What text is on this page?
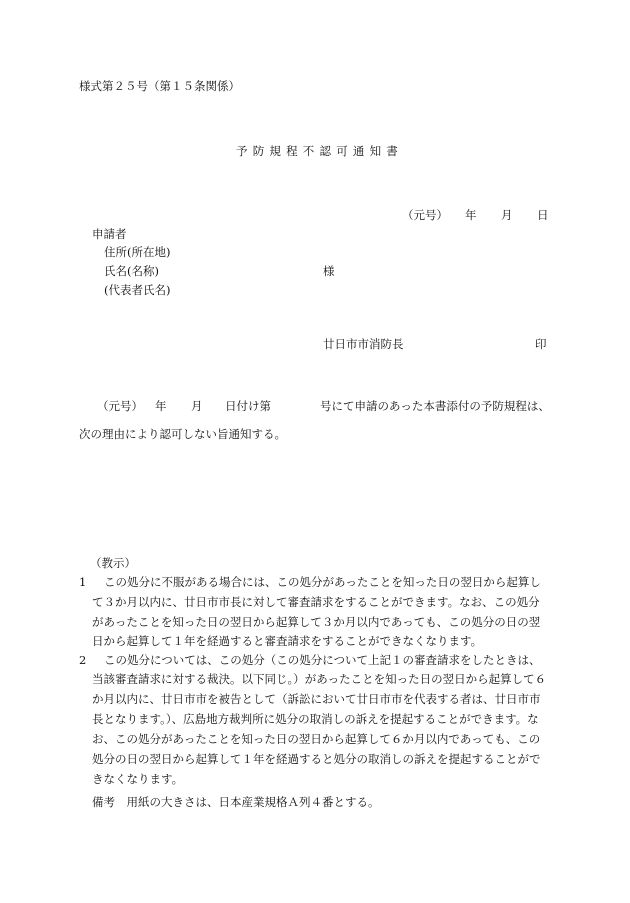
様式第２５号（第１５条関係）
予防規程不認可通知書
（元号） 年 月 日
申請者
住所(所在地)
氏名(名称)	様
(代表者氏名)
廿日市市消防長	印
（元号） 年 月 日付け第	号にて申請のあった本書添付の予防規程は、
次の理由により認可しない旨通知する。
（教示）
1 この処分に不服がある場合には、この処分があったことを知った日の翌日から起算し
て３か月以内に、廿日市市長に対して審査請求をすることができます。なお、この処分
があったことを知った日の翌日から起算して３か月以内であっても、この処分の日の翌
日から起算して１年を経過すると審査請求をすることができなくなります。
2 この処分については、この処分（この処分について上記１の審査請求をしたときは、
当該審査請求に対する裁決。以下同じ。）があったことを知った日の翌日から起算して６
か月以内に、廿日市市を被告として（訴訟において廿日市市を代表する者は、廿日市市
長となります。）、広島地方裁判所に処分の取消しの訴えを提起することができます。な
お、この処分があったことを知った日の翌日から起算して６か月以内であっても、この
処分の日の翌日から起算して１年を経過すると処分の取消しの訴えを提起することがで
きなくなります。
備考　用紙の大きさは、日本産業規格Ａ列４番とする。
